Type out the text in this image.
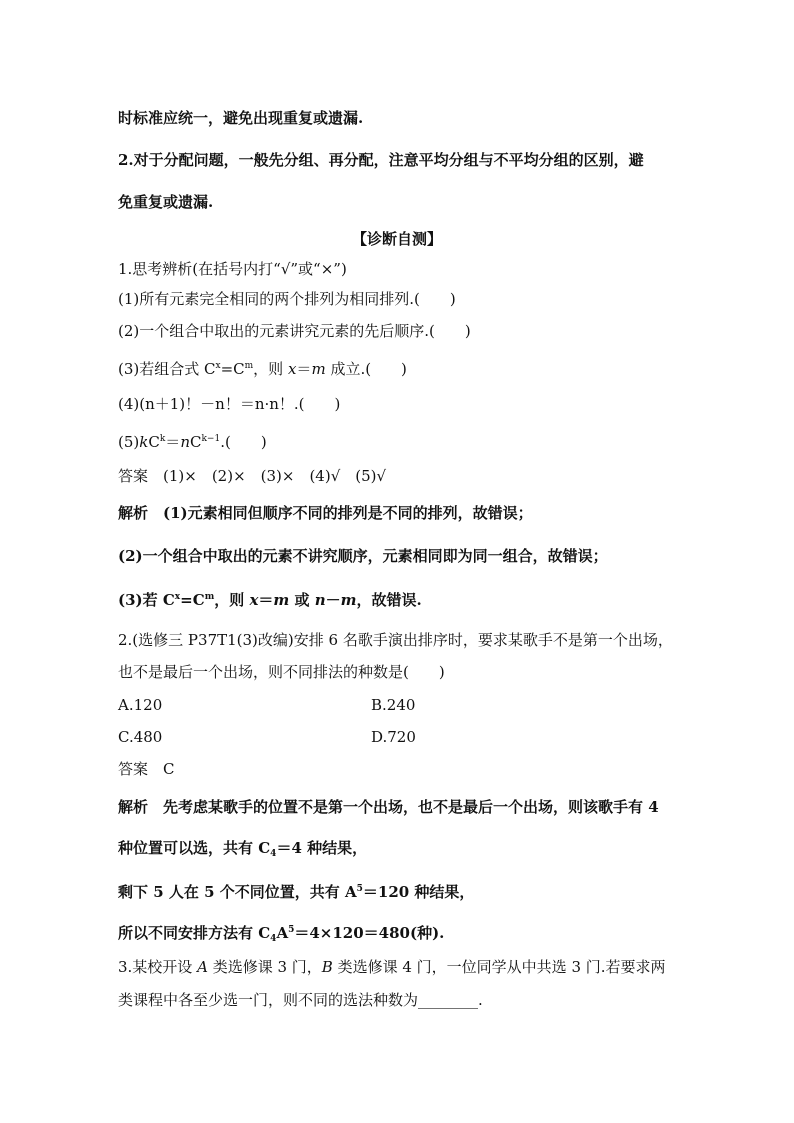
时标准应统一，避免出现重复或遗漏.
2.对于分配问题，一般先分组、再分配，注意平均分组与不平均分组的区别，避
免重复或遗漏.
【诊断自测】
1.思考辨析(在括号内打“√”或“×”)
(1)所有元素完全相同的两个排列为相同排列.(　　)
(2)一个组合中取出的元素讲究元素的先后顺序.(　　)
(3)若组合式 $C^x=C^m$，则 x＝m 成立.(　　)
(4)(n＋1)！－n！＝n·n！.(　　)
$(5)kC^k=nC^{k-1}$.(　　)
答案　(1)×　(2)×　(3)×　(4)√　(5)√
解析　(1)元素相同但顺序不同的排列是不同的排列，故错误；
(2)一个组合中取出的元素不讲究顺序，元素相同即为同一组合，故错误；
(3)若 $C^x=C^m$，则 x＝m 或 n－m，故错误.
2.(选修三 P37T1(3)改编)安排 6 名歌手演出排序时，要求某歌手不是第一个出场，
也不是最后一个出场，则不同排法的种数是(　　)
A.120	B.240
C.480	D.720
答案　C
解析　先考虑某歌手的位置不是第一个出场，也不是最后一个出场，则该歌手有 4
种位置可以选，共有 $C_4=4$ 种结果，
剩下 5 人在 5 个不同位置，共有 $A^5=120$ 种结果，
所以不同安排方法有 $C_4A^5=4\times 120=480$(种).
3.某校开设 A 类选修课 3 门，B 类选修课 4 门，一位同学从中共选 3 门.若要求两
类课程中各至少选一门，则不同的选法种数为________.
